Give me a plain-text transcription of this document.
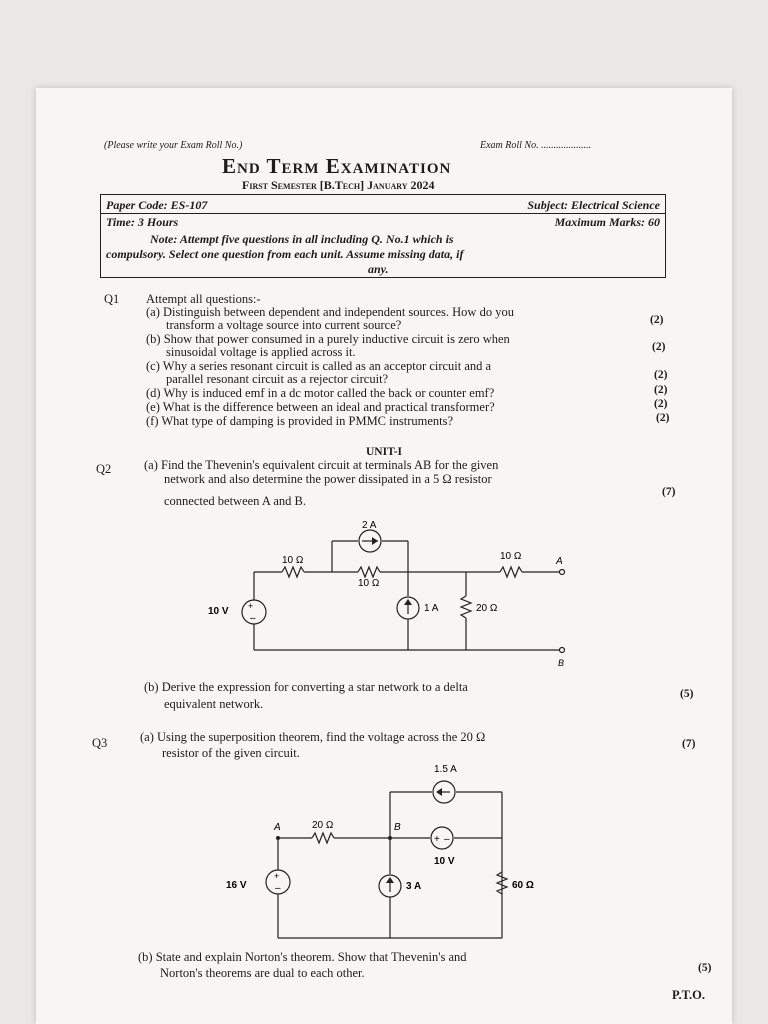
(Please write your Exam Roll No.)	Exam Roll No. ....................
End Term Examination
First Semester [B.Tech] January 2024
Paper Code: ES-107	Subject: Electrical Science
Time: 3 Hours	Maximum Marks: 60
Note: Attempt five questions in all including Q. No.1 which is
compulsory. Select one question from each unit. Assume missing data, if
any.
Q1 Attempt all questions:-
(a) Distinguish between dependent and independent sources. How do you
transform a voltage source into current source?	(2)
(b) Show that power consumed in a purely inductive circuit is zero when
sinusoidal voltage is applied across it.	(2)
(c) Why a series resonant circuit is called as an acceptor circuit and a
parallel resonant circuit as a rejector circuit?	(2)
(d) Why is induced emf in a dc motor called the back or counter emf?	(2)
(e) What is the difference between an ideal and practical transformer?	(2)
(f) What type of damping is provided in PMMC instruments?	(2)
UNIT-I
Q2	(a) Find the Thevenin's equivalent circuit at terminals AB for the given
network and also determine the power dissipated in a 5 Ω resistor
connected between A and B.
(7)
+
–
2 A
10 Ω
10 Ω
10 Ω
20 Ω
10 V	1 A
A
B
(b) Derive the expression for converting a star network to a delta
equivalent network.
(5)
Q3	(a) Using the superposition theorem, find the voltage across the 20 Ω
resistor of the given circuit.
(7)
+ –
+
–
1.5 A
20 Ω
10 V
16 V	3 A	60 Ω
A	B
(b) State and explain Norton's theorem. Show that Thevenin's and
Norton's theorems are dual to each other.	(5)
P.T.O.
